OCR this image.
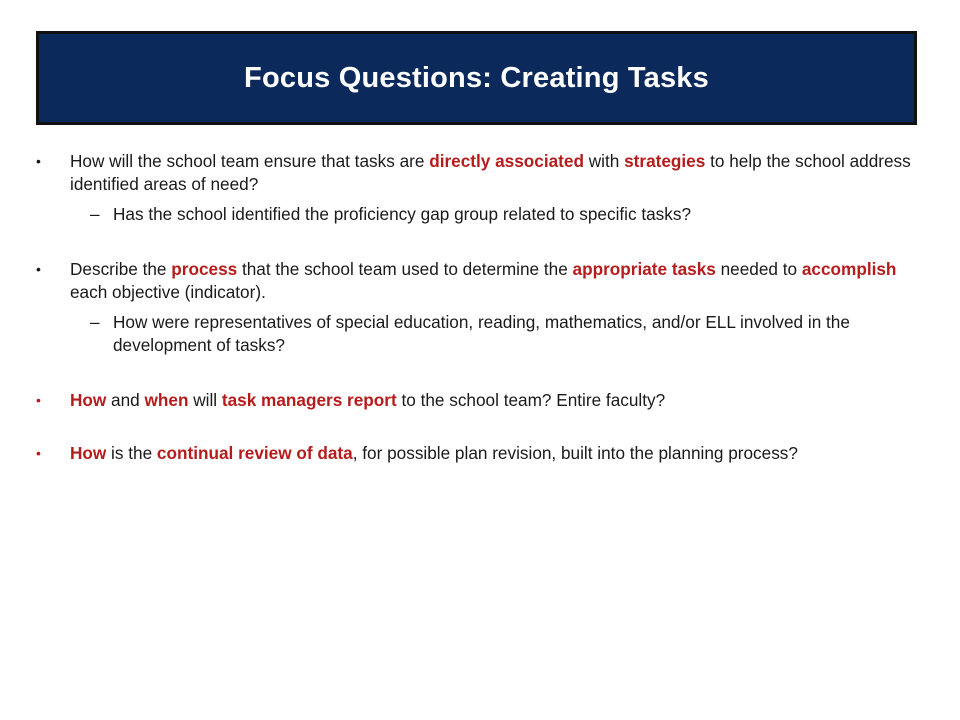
Focus Questions: Creating Tasks
• How will the school team ensure that tasks are directly associated with strategies to help the school address identified areas of need?
– Has the school identified the proficiency gap group related to specific tasks?
• Describe the process that the school team used to determine the appropriate tasks needed to accomplish each objective (indicator).
– How were representatives of special education, reading, mathematics, and/or ELL involved in the development of tasks?
• How and when will task managers report to the school team? Entire faculty?
• How is the continual review of data, for possible plan revision, built into the planning process?
